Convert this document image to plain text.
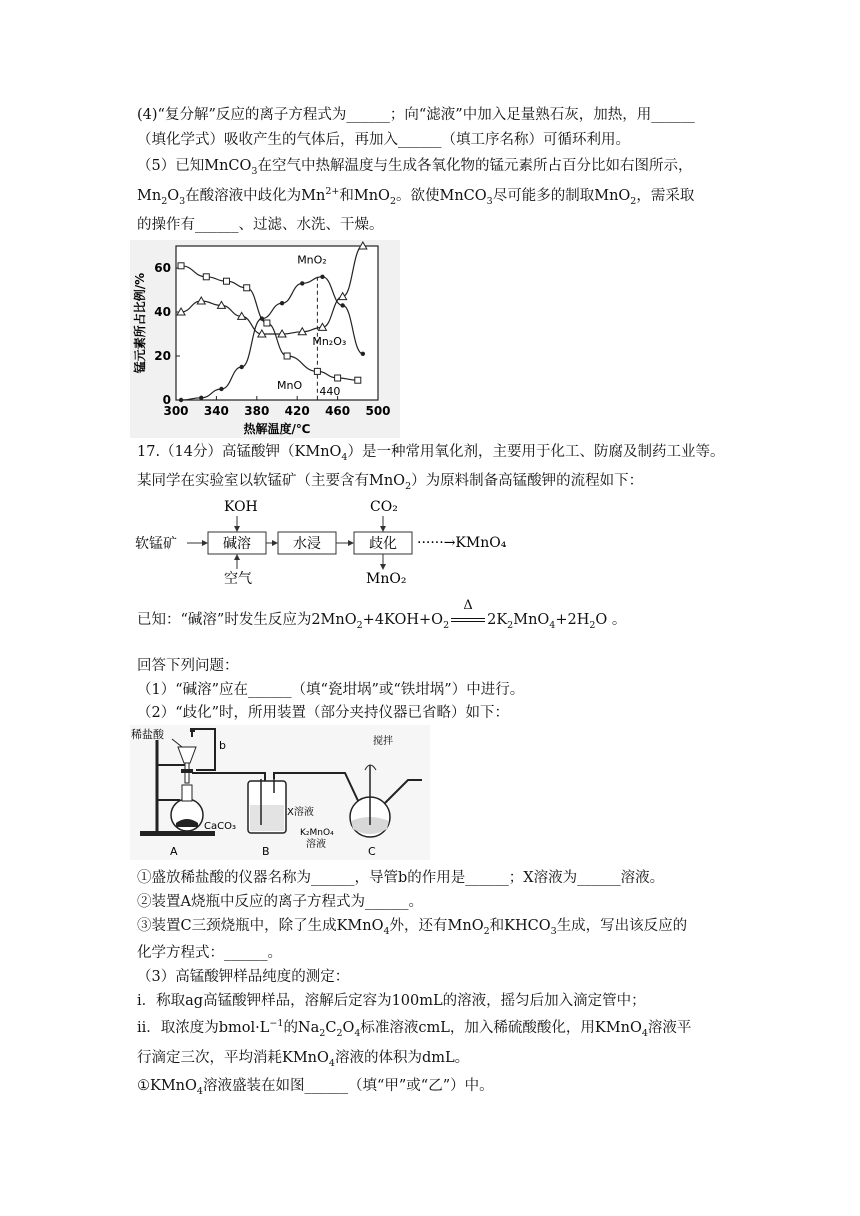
(4)“复分解”反应的离子方程式为______；向“滤液”中加入足量熟石灰，加热，用______
（填化学式）吸收产生的气体后，再加入______（填工序名称）可循环利用。
（5）已知MnCO$_3$在空气中热解温度与生成各氧化物的锰元素所占百分比如右图所示，
$Mn_2O_3$在酸溶液中歧化为$Mn^{2+}$和MnO$_2$。欲使MnCO$_3$尽可能多的制取MnO$_2$，需采取
的操作有______、过滤、水洗、干燥。
300 340 380 420 460 500
0
20
40
60
热解温度/℃
锰元素所占比例/%
440
MnO₂
Mn₂O₃
MnO
17.（14分）高锰酸钾（KMnO$_4$）是一种常用氧化剂，主要用于化工、防腐及制药工业等。
某同学在实验室以软锰矿（主要含有MnO$_2$）为原料制备高锰酸钾的流程如下：
软锰矿	碱溶	水浸	歧化 ······→KMnO₄
KOH
空气
CO₂
MnO₂
已知：“碱溶”时发生反应为$2MnO_2+4KOH+O_2$
Δ
$2K_2MnO_4+2H_2O$ 。
回答下列问题：
（1）“碱溶”应在______（填“瓷坩埚”或“铁坩埚”）中进行。
（2）“歧化”时，所用装置（部分夹持仪器已省略）如下：
b
稀盐酸
CaCO₃
X溶液
搅拌
K₂MnO₄
溶液
A	B	C
①盛放稀盐酸的仪器名称为______，导管b的作用是______；X溶液为______溶液。
②装置A烧瓶中反应的离子方程式为______。
③装置C三颈烧瓶中，除了生成KMnO$_4$外，还有MnO$_2$和$KHCO_3$生成，写出该反应的
化学方程式：______。
（3）高锰酸钾样品纯度的测定：
ⅰ．称取ag高锰酸钾样品，溶解后定容为100mL的溶液，摇匀后加入滴定管中；
ⅱ．取浓度为$bmol\cdot L^{-1}$的$Na_2C_2O_4$标准溶液cmL，加入稀硫酸酸化，用KMnO$_4$溶液平
行滴定三次，平均消耗KMnO$_4$溶液的体积为dmL。
①KMnO$_4$溶液盛装在如图______（填“甲”或“乙”）中。
